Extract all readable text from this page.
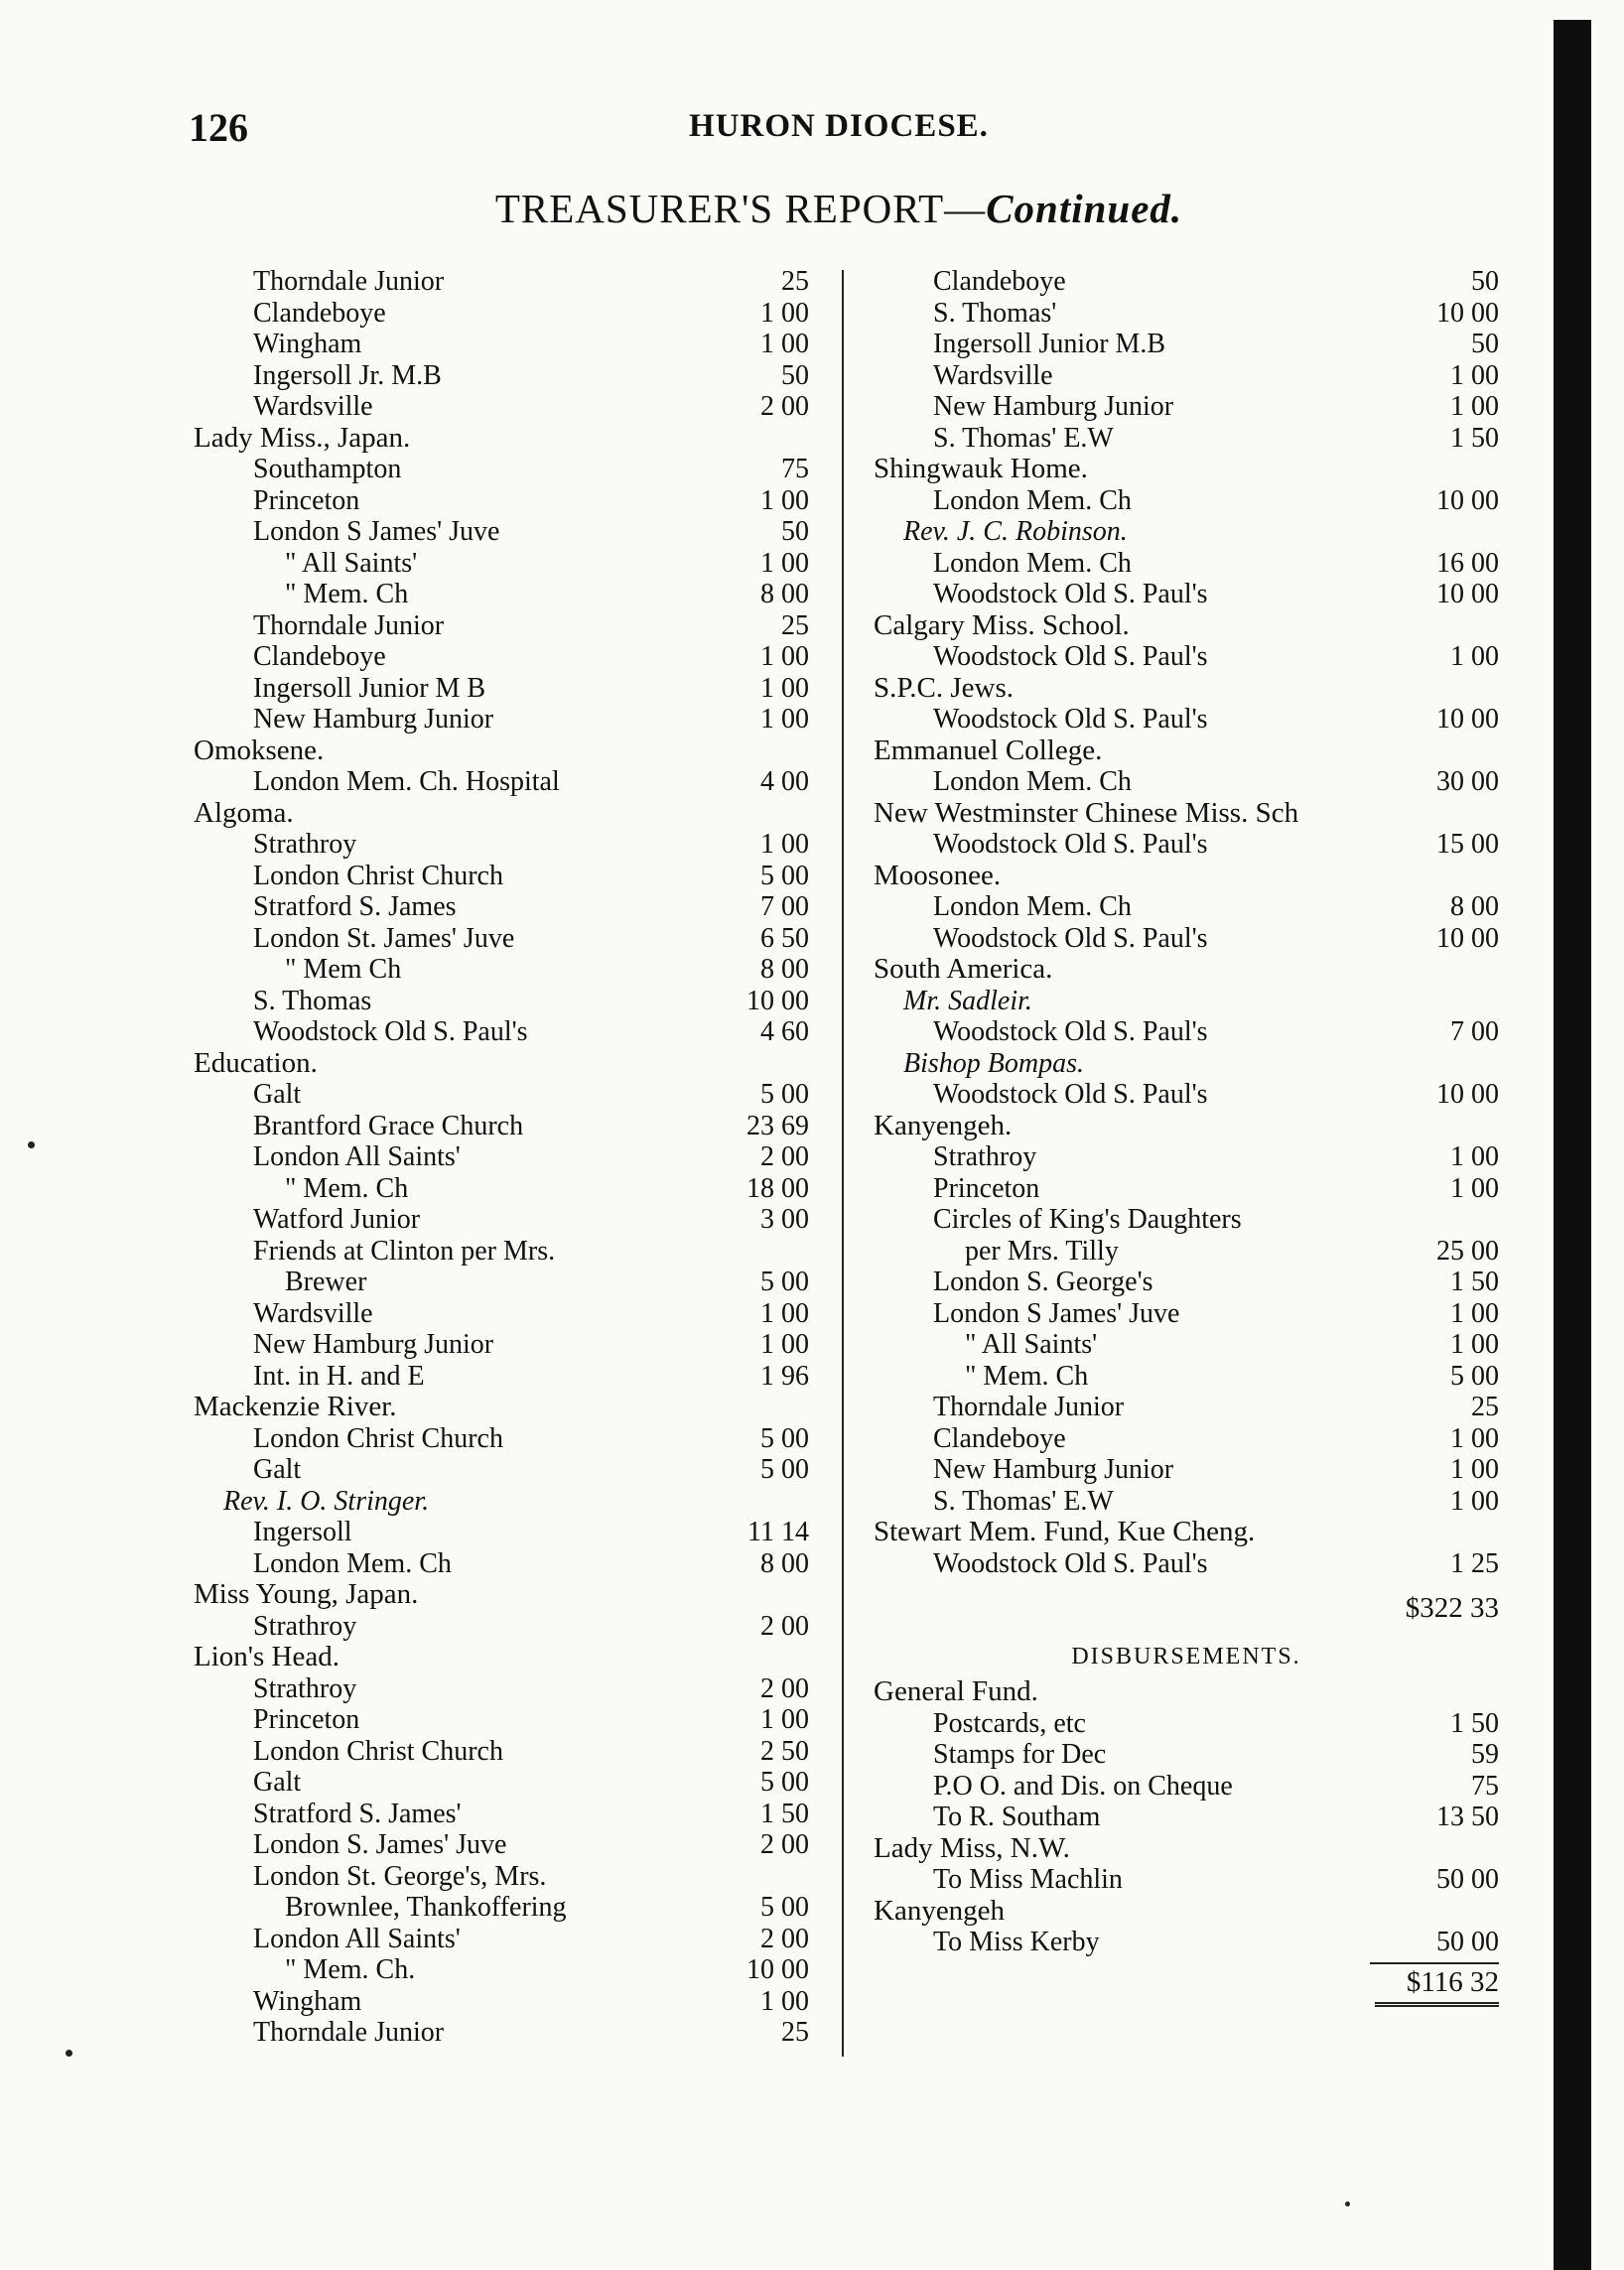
126	HURON DIOCESE.
TREASURER'S REPORT—Continued.
Thorndale Junior	25
Clandeboye	1 00
Wingham	1 00
Ingersoll Jr. M.B	50
Wardsville	2 00
Lady Miss., Japan.
Southampton	75
Princeton	1 00
London S James' Juve	50
" All Saints'	1 00
" Mem. Ch	8 00
Thorndale Junior	25
Clandeboye	1 00
Ingersoll Junior M B	1 00
New Hamburg Junior	1 00
Omoksene.
London Mem. Ch. Hospital	4 00
Algoma.
Strathroy	1 00
London Christ Church	5 00
Stratford S. James	7 00
London St. James' Juve	6 50
" Mem Ch	8 00
S. Thomas	10 00
Woodstock Old S. Paul's	4 60
Education.
Galt	5 00
Brantford Grace Church	23 69
London All Saints'	2 00
" Mem. Ch	18 00
Watford Junior	3 00
Friends at Clinton per Mrs.
Brewer	5 00
Wardsville	1 00
New Hamburg Junior	1 00
Int. in H. and E	1 96
Mackenzie River.
London Christ Church	5 00
Galt	5 00
Rev. I. O. Stringer.
Ingersoll	11 14
London Mem. Ch	8 00
Miss Young, Japan.
Strathroy	2 00
Lion's Head.
Strathroy	2 00
Princeton	1 00
London Christ Church	2 50
Galt	5 00
Stratford S. James'	1 50
London S. James' Juve	2 00
London St. George's, Mrs.
Brownlee, Thankoffering	5 00
London All Saints'	2 00
" Mem. Ch.	10 00
Wingham	1 00
Thorndale Junior	25
Clandeboye	50
S. Thomas'	10 00
Ingersoll Junior M.B	50
Wardsville	1 00
New Hamburg Junior	1 00
S. Thomas' E.W	1 50
Shingwauk Home.
London Mem. Ch	10 00
Rev. J. C. Robinson.
London Mem. Ch	16 00
Woodstock Old S. Paul's	10 00
Calgary Miss. School.
Woodstock Old S. Paul's	1 00
S.P.C. Jews.
Woodstock Old S. Paul's	10 00
Emmanuel College.
London Mem. Ch	30 00
New Westminster Chinese Miss. Sch
Woodstock Old S. Paul's	15 00
Moosonee.
London Mem. Ch	8 00
Woodstock Old S. Paul's	10 00
South America.
Mr. Sadleir.
Woodstock Old S. Paul's	7 00
Bishop Bompas.
Woodstock Old S. Paul's	10 00
Kanyengeh.
Strathroy	1 00
Princeton	1 00
Circles of King's Daughters
per Mrs. Tilly	25 00
London S. George's	1 50
London S James' Juve	1 00
" All Saints'	1 00
" Mem. Ch	5 00
Thorndale Junior	25
Clandeboye	1 00
New Hamburg Junior	1 00
S. Thomas' E.W	1 00
Stewart Mem. Fund, Kue Cheng.
Woodstock Old S. Paul's	1 25
$322 33
DISBURSEMENTS.
General Fund.
Postcards, etc	1 50
Stamps for Dec	59
P.O O. and Dis. on Cheque	75
To R. Southam	13 50
Lady Miss, N.W.
To Miss Machlin	50 00
Kanyengeh
To Miss Kerby	50 00
$116 32
